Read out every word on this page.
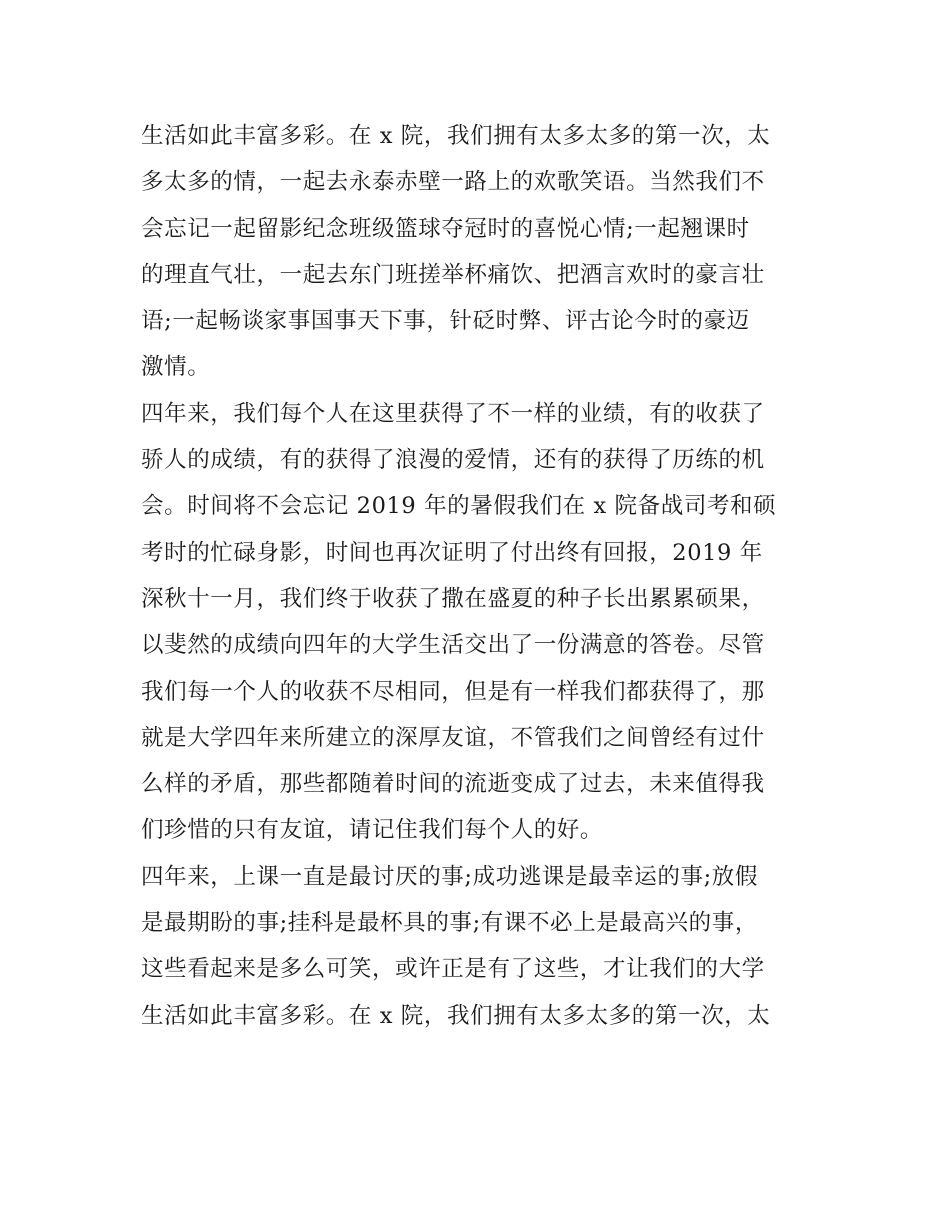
生活如此丰富多彩。在 x 院，我们拥有太多太多的第一次，太
多太多的情，一起去永泰赤壁一路上的欢歌笑语。当然我们不
会忘记一起留影纪念班级篮球夺冠时的喜悦心情;一起翘课时
的理直气壮，一起去东门班搓举杯痛饮、把酒言欢时的豪言壮
语;一起畅谈家事国事天下事，针砭时弊、评古论今时的豪迈
激情。
四年来，我们每个人在这里获得了不一样的业绩，有的收获了
骄人的成绩，有的获得了浪漫的爱情，还有的获得了历练的机
会。时间将不会忘记 2019 年的暑假我们在 x 院备战司考和硕
考时的忙碌身影，时间也再次证明了付出终有回报，2019 年
深秋十一月，我们终于收获了撒在盛夏的种子长出累累硕果，
以斐然的成绩向四年的大学生活交出了一份满意的答卷。尽管
我们每一个人的收获不尽相同，但是有一样我们都获得了，那
就是大学四年来所建立的深厚友谊，不管我们之间曾经有过什
么样的矛盾，那些都随着时间的流逝变成了过去，未来值得我
们珍惜的只有友谊，请记住我们每个人的好。
四年来，上课一直是最讨厌的事;成功逃课是最幸运的事;放假
是最期盼的事;挂科是最杯具的事;有课不必上是最高兴的事，
这些看起来是多么可笑，或许正是有了这些，才让我们的大学
生活如此丰富多彩。在 x 院，我们拥有太多太多的第一次，太
